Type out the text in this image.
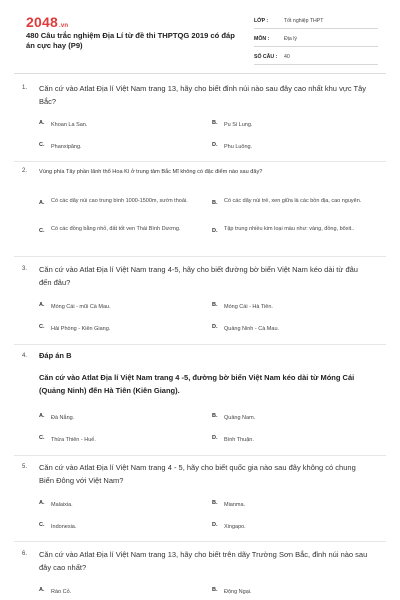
2048.vn
480 Câu trắc nghiệm Địa Lí từ đề thi THPTQG 2019 có đáp án cực hay (P9)
LỚP :	Tốt nghiệp THPT
MÔN :	Địa lý
SỐ CÂU : 40
1. Căn cứ vào Atlat Địa lí Việt Nam trang 13, hãy cho biết đỉnh núi nào sau đây cao nhất khu vực Tây Bắc?
A. Khoan La San.	B. Pu Si Lung.
C. Phanxipăng.	D. Phu Luông.
2. Vùng phía Tây phần lãnh thổ Hoa Kì ở trung tâm Bắc Mĩ không có đặc điểm nào sau đây?
A. Có các dãy núi cao trung bình 1000-1500m, sườn thoải.	B. Có các dãy núi trẻ, xen giữa là các bồn địa, cao nguyên.
C. Có các đồng bằng nhỏ, đất tốt ven Thái Bình Dương.	D. Tập trung nhiều kim loại màu như: vàng, đồng, bôxit..
3. Căn cứ vào Atlat Địa lí Việt Nam trang 4-5, hãy cho biết đường bờ biển Việt Nam kéo dài từ đâu đến đâu?
A. Móng Cái - mũi Cà Mau.	B. Móng Cái - Hà Tiên.
C. Hải Phòng - Kiên Giang.	D. Quảng Ninh - Cà Mau.
4. Đáp án B
Căn cứ vào Atlat Địa lí Việt Nam trang 4 -5, đường bờ biển Việt Nam kéo dài từ Móng Cái (Quảng Ninh) đến Hà Tiên (Kiên Giang).
A. Đà Nẵng.	B. Quảng Nam.
C. Thừa Thiên - Huế.	D. Bình Thuận.
5. Căn cứ vào Atlat Địa lí Việt Nam trang 4 - 5, hãy cho biết quốc gia nào sau đây không có chung Biển Đông với Việt Nam?
A. Malaixia.	B. Mianma.
C. Indonesia.	D. Xingapo.
6. Căn cứ vào Atlat Địa lí Việt Nam trang 13, hãy cho biết trên dãy Trường Sơn Bắc, đỉnh núi nào sau đây cao nhất?
A. Rào Cỏ.	B. Động Ngại.
